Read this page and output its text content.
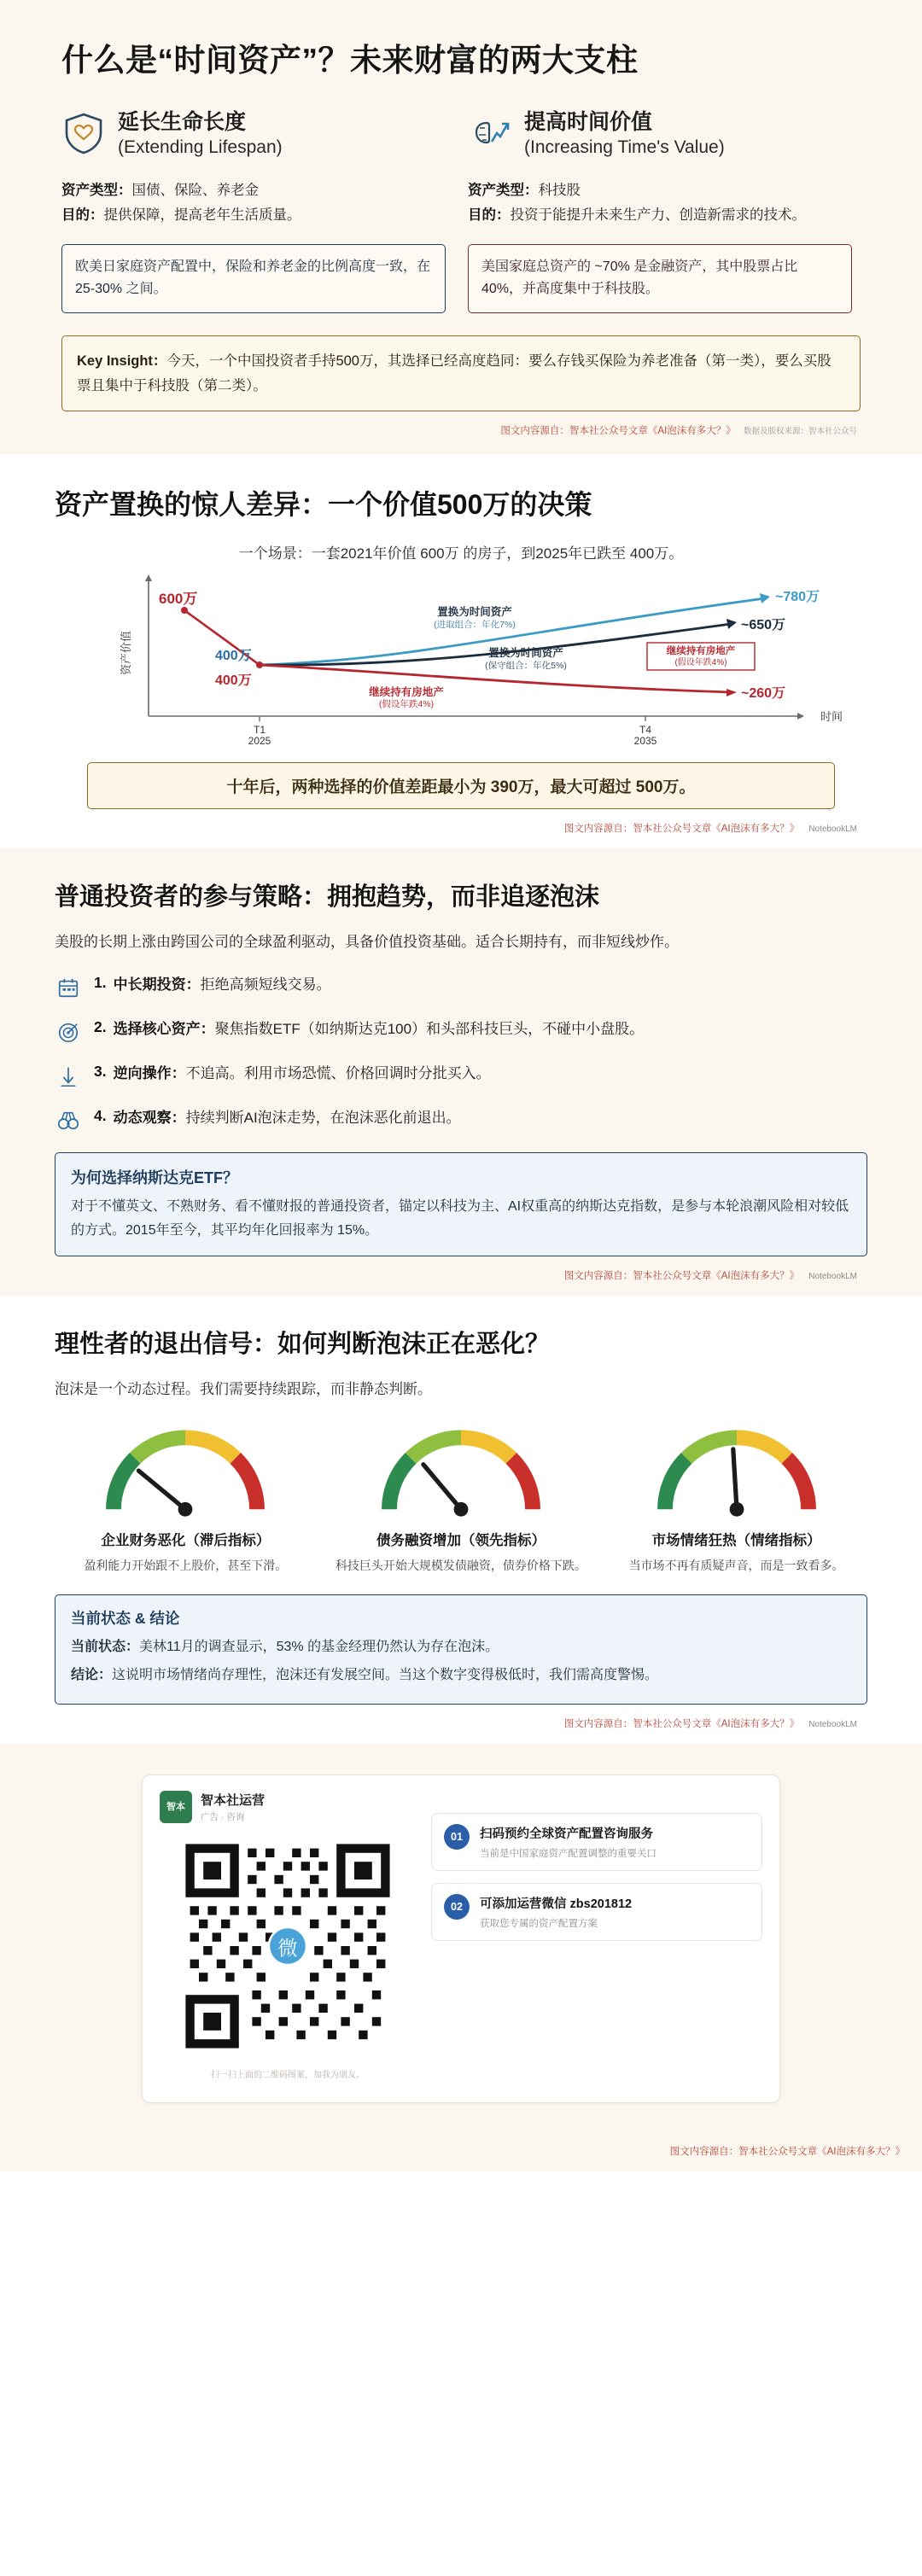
什么是“时间资产”？未来财富的两大支柱
延长生命长度
(Extending Lifespan)
资产类型：国债、保险、养老金
目的：提供保障，提高老年生活质量。
欧美日家庭资产配置中，保险和养老金的比例高度一致，在 25-30% 之间。
提高时间价值
(Increasing Time's Value)
资产类型：科技股
目的：投资于能提升未来生产力、创造新需求的技术。
美国家庭总资产的 ~70% 是金融资产，其中股票占比 40%，并高度集中于科技股。
Key Insight：今天，一个中国投资者手持500万，其选择已经高度趋同：要么存钱买保险为养老准备（第一类），要么买股票且集中于科技股（第二类）。
图文内容源自：智本社公众号文章《AI泡沫有多大？》 数据及版权来源：智本社公众号
资产置换的惊人差异：一个价值500万的决策
一个场景：一套2021年价值 600万 的房子，到2025年已跌至 400万。
资产价值
时间
T1
2025
T4
2035
600万
400万
400万
~780万
~650万
~260万
置换为时间资产
(进取组合：年化7%)
置换为时间资产
(保守组合：年化5%)
继续持有房地产
(假设年跌4%)
继续持有房地产
(假设年跌4%)
十年后，两种选择的价值差距最小为 390万，最大可超过 500万。
图文内容源自：智本社公众号文章《AI泡沫有多大？》 NotebookLM
普通投资者的参与策略：拥抱趋势，而非追逐泡沫
美股的长期上涨由跨国公司的全球盈利驱动，具备价值投资基础。适合长期持有，而非短线炒作。
1. 中长期投资：拒绝高频短线交易。
2. 选择核心资产：聚焦指数ETF（如纳斯达克100）和头部科技巨头，不碰中小盘股。
3. 逆向操作：不追高。利用市场恐慌、价格回调时分批买入。
4. 动态观察：持续判断AI泡沫走势，在泡沫恶化前退出。
为何选择纳斯达克ETF？

对于不懂英文、不熟财务、看不懂财报的普通投资者，锚定以科技为主、AI权重高的纳斯达克指数，是参与本轮浪潮风险相对较低的方式。2015年至今，其平均年化回报率为 15%。

图文内容源自：智本社公众号文章《AI泡沫有多大？》 NotebookLM
理性者的退出信号：如何判断泡沫正在恶化？
泡沫是一个动态过程。我们需要持续跟踪，而非静态判断。
企业财务恶化（滞后指标）
盈利能力开始跟不上股价，甚至下滑。
债务融资增加（领先指标）
科技巨头开始大规模发债融资，债券价格下跌。
市场情绪狂热（情绪指标）
当市场不再有质疑声音，而是一致看多。
当前状态 & 结论

当前状态：美林11月的调查显示，53% 的基金经理仍然认为存在泡沫。

结论：这说明市场情绪尚存理性，泡沫还有发展空间。当这个数字变得极低时，我们需高度警惕。

图文内容源自：智本社公众号文章《AI泡沫有多大？》 NotebookLM
智本	智本社运营
广告 · 咨询
微
扫一扫上面的二维码图案，加我为朋友。
01	扫码预约全球资产配置咨询服务
当前是中国家庭资产配置调整的重要关口
02	可添加运营微信 zbs201812
获取您专属的资产配置方案
图文内容源自：智本社公众号文章《AI泡沫有多大？》
